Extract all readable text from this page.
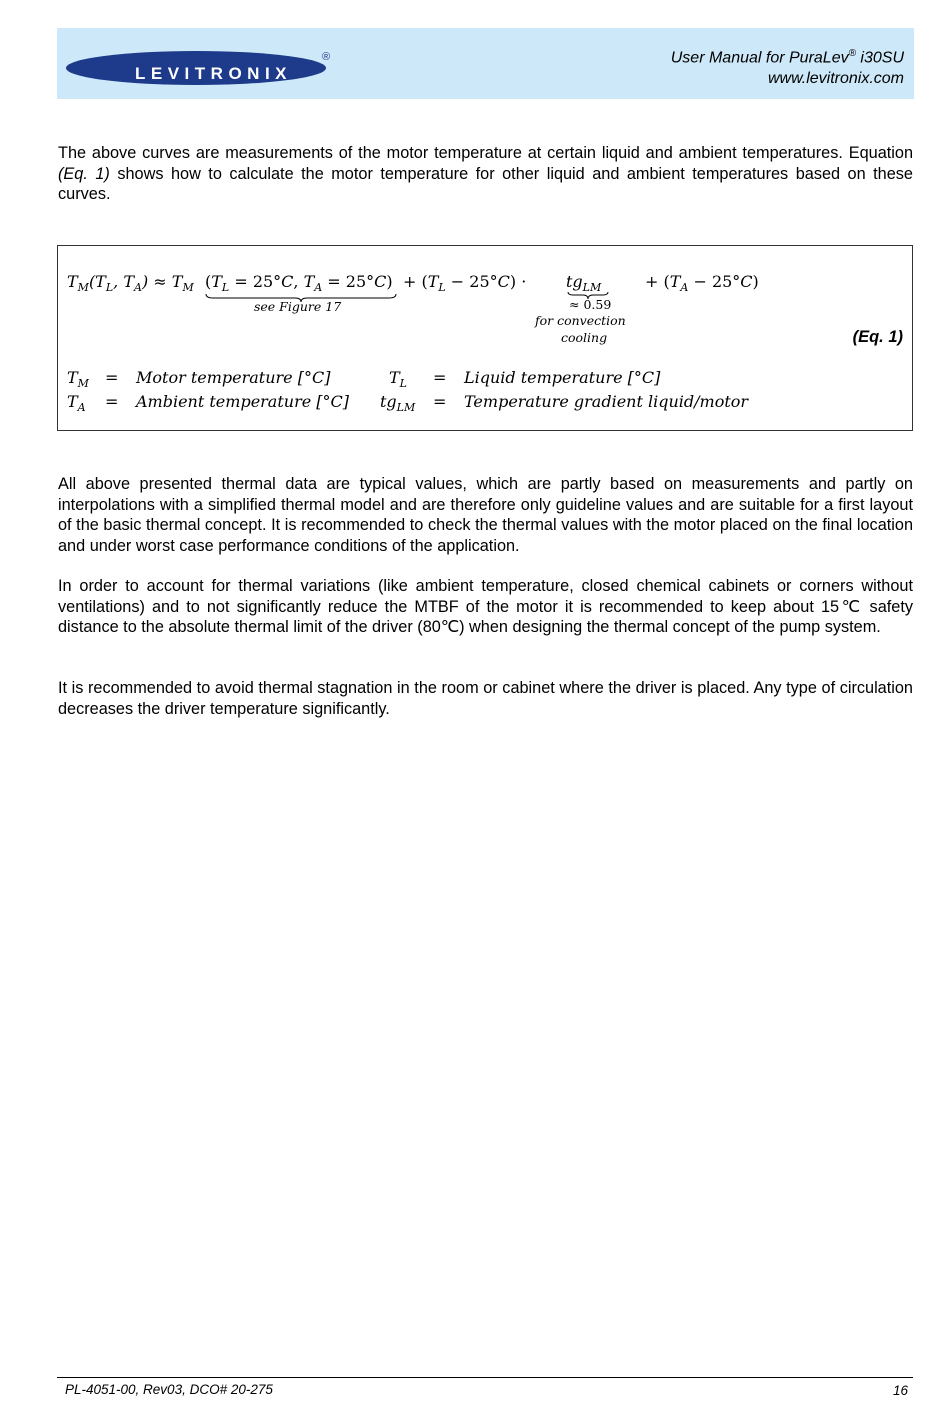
LEVITRONIX
®	User Manual for PuraLev® i30SU
www.levitronix.com

The above curves are measurements of the motor temperature at certain liquid and ambient temperatures. Equation (Eq. 1) shows how to calculate the motor temperature for other liquid and ambient temperatures based on these curves.

$T_M(T_L$, $T_A) \approx T_M$ ($T_L = 25^\circ C$, $T_A = 25^\circ C$)
see Figure 17
+ $(T_L - 25^\circ C) \cdot tg_{LM}$
≈ 0.59
for convection
cooling
+ $(T_A - 25^\circ C)$
(Eq. 1)
$T_M$ = Motor temperature [°C]	$T_L$ = Liquid temperature [°C]
$T_A$ = Ambient temperature [°C] $tg_{LM}$ = Temperature gradient liquid/motor

All above presented thermal data are typical values, which are partly based on measurements and partly on interpolations with a simplified thermal model and are therefore only guideline values and are suitable for a first layout of the basic thermal concept. It is recommended to check the thermal values with the motor placed on the final location and under worst case performance conditions of the application.

In order to account for thermal variations (like ambient temperature, closed chemical cabinets or corners without ventilations) and to not significantly reduce the MTBF of the motor it is recommended to keep about 15℃ safety distance to the absolute thermal limit of the driver (80℃) when designing the thermal concept of the pump system.

It is recommended to avoid thermal stagnation in the room or cabinet where the driver is placed. Any type of circulation decreases the driver temperature significantly.

PL-4051-00, Rev03, DCO# 20-275	16
